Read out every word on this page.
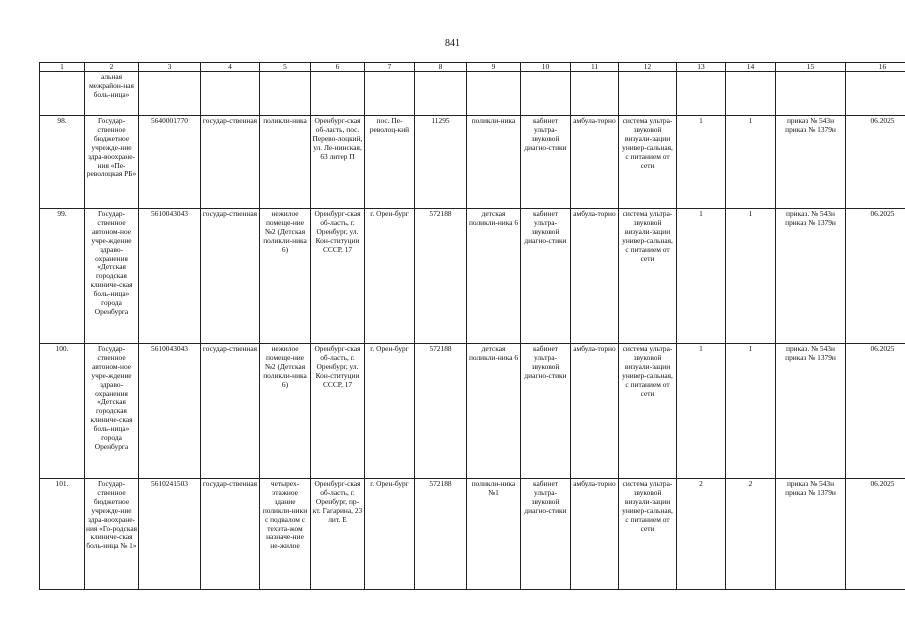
841
1	2	3	4	5	6	7	8	9	10	11	12	13	14	15	16
	альная межрайон-ная боль-ница»														
98.	Государ-ственное бюджетное учрежде-ние здра-воохране-ния «Пе-револоцкая РБ»	5640001770	государ-ственная	поликли-ника	Оренбург-ская об-ласть, пос. Перево-лоцкий, ул. Ле-нинская, 63 литер П	пос. Пе-револоц-кий	11295	поликли-ника	кабинет ультра-звуковой диагно-стики	амбула-торно	система ультра-звуковой визуали-зации универ-сальная, с питанием от сети	1	1	приказ № 543н приказ № 1379н	06.2025
99.	Государ-ственное автоном-ное учре-ждение здраво-охранения «Детская городская клиниче-ская боль-ница» города Оренбурга	5610043043	государ-ственная	нежилое помеще-ние №2 (Детская поликли-ника 6)	Оренбург-ская об-ласть, г. Оренбург, ул. Кон-ституции СССР, 17	г. Орен-бург	572188	детская поликли-ника 6	кабинет ультра-звуковой диагно-стики	амбула-торно	система ультра-звуковой визуали-зации универ-сальная, с питанием от сети	1	1	приказ. № 543н приказ № 1379н	06.2025
100.	Государ-ственное автоном-ное учре-ждение здраво-охранения «Детская городская клиниче-ская боль-ница» города Оренбурга	5610043043	государ-ственная	нежилое помеще-ние №2 (Детская поликли-ника 6)	Оренбург-ская об-ласть, г. Оренбург, ул. Кон-ституции СССР, 17	г. Орен-бург	572188	детская поликли-ника 6	кабинет ультра-звуковой диагно-стики	амбула-торно	система ультра-звуковой визуали-зации универ-сальная, с питанием от сети	1	1	приказ. № 543н приказ № 1379н	06.2025
101.	Государ-ственное бюджетное учрежде-ние здра-воохране-ния «Го-родская клиниче-ская боль-ница № 1»	5610241503	государ-ственная	четырех-этажное здание поликли-ники с подвалом с техэта-жом назначе-ние не-жилое	Оренбург-ская об-ласть, г. Оренбург, пр-кт. Гагарина, 23 лит. Е	г. Орен-бург	572188	поликли-ника №1	кабинет ультра-звуковой диагно-стики	амбула-торно	система ультра-звуковой визуали-зации универ-сальная, с питанием от сети	2	2	приказ № 543н приказ № 1379н	06.2025
